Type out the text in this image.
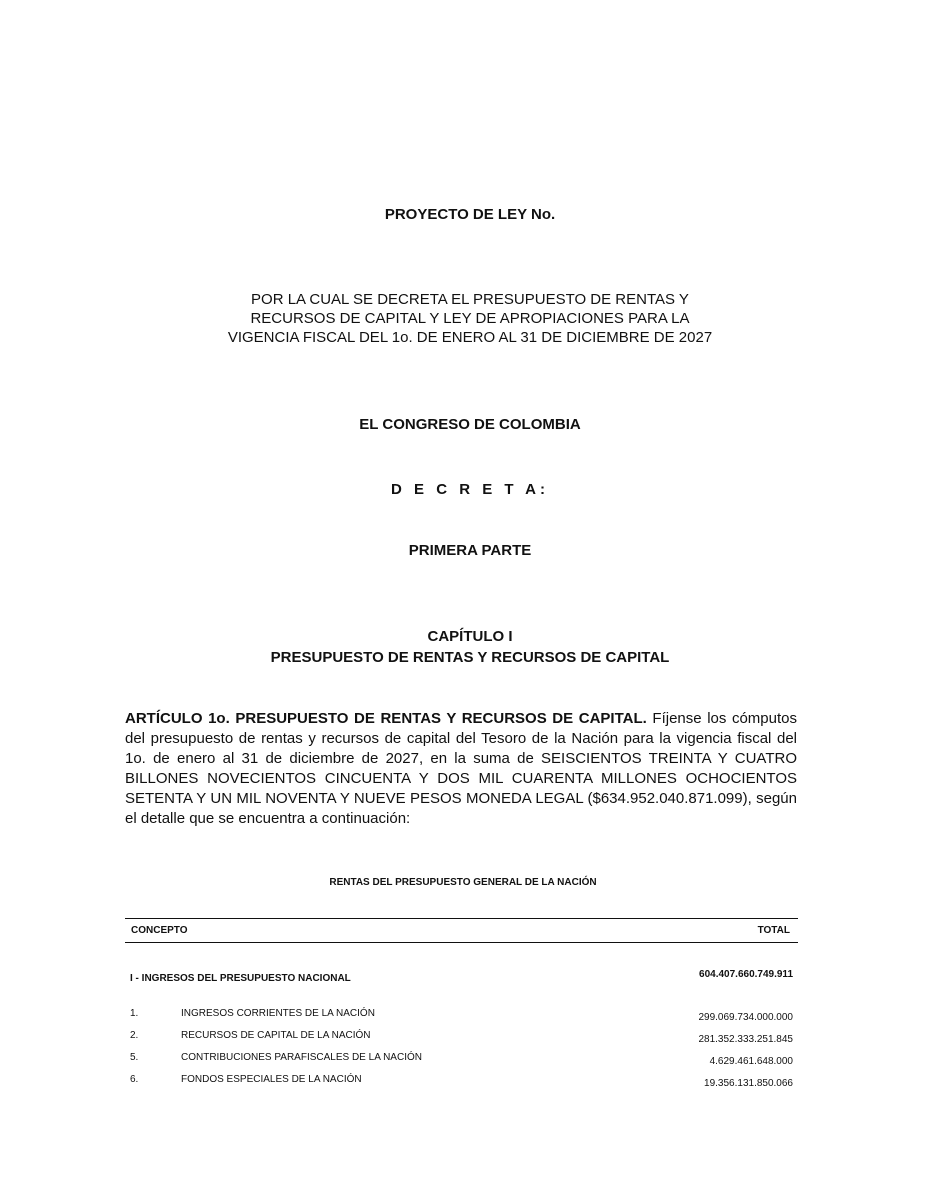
PROYECTO DE LEY No.
POR LA CUAL SE DECRETA EL PRESUPUESTO DE RENTAS Y
RECURSOS DE CAPITAL Y LEY DE APROPIACIONES PARA LA
VIGENCIA FISCAL DEL 1o. DE ENERO AL 31 DE DICIEMBRE DE 2027
EL CONGRESO DE COLOMBIA
D E C R E T A:
PRIMERA PARTE
CAPÍTULO I
PRESUPUESTO DE RENTAS Y RECURSOS DE CAPITAL
ARTÍCULO 1o. PRESUPUESTO DE RENTAS Y RECURSOS DE CAPITAL. Fíjense los cómputos del presupuesto de rentas y recursos de capital del Tesoro de la Nación para la vigencia fiscal del 1o. de enero al 31 de diciembre de 2027, en la suma de SEISCIENTOS TREINTA Y CUATRO BILLONES NOVECIENTOS CINCUENTA Y DOS MIL CUARENTA MILLONES OCHOCIENTOS SETENTA Y UN MIL NOVENTA Y NUEVE PESOS MONEDA LEGAL ($634.952.040.871.099), según el detalle que se encuentra a continuación:
RENTAS DEL PRESUPUESTO GENERAL DE LA NACIÓN
CONCEPTO	TOTAL
I - INGRESOS DEL PRESUPUESTO NACIONAL	604.407.660.749.911
1.	INGRESOS CORRIENTES DE LA NACIÓN	299.069.734.000.000
2.	RECURSOS DE CAPITAL DE LA NACIÓN	281.352.333.251.845
5.	CONTRIBUCIONES PARAFISCALES DE LA NACIÓN	4.629.461.648.000
6.	FONDOS ESPECIALES DE LA NACIÓN	19.356.131.850.066
